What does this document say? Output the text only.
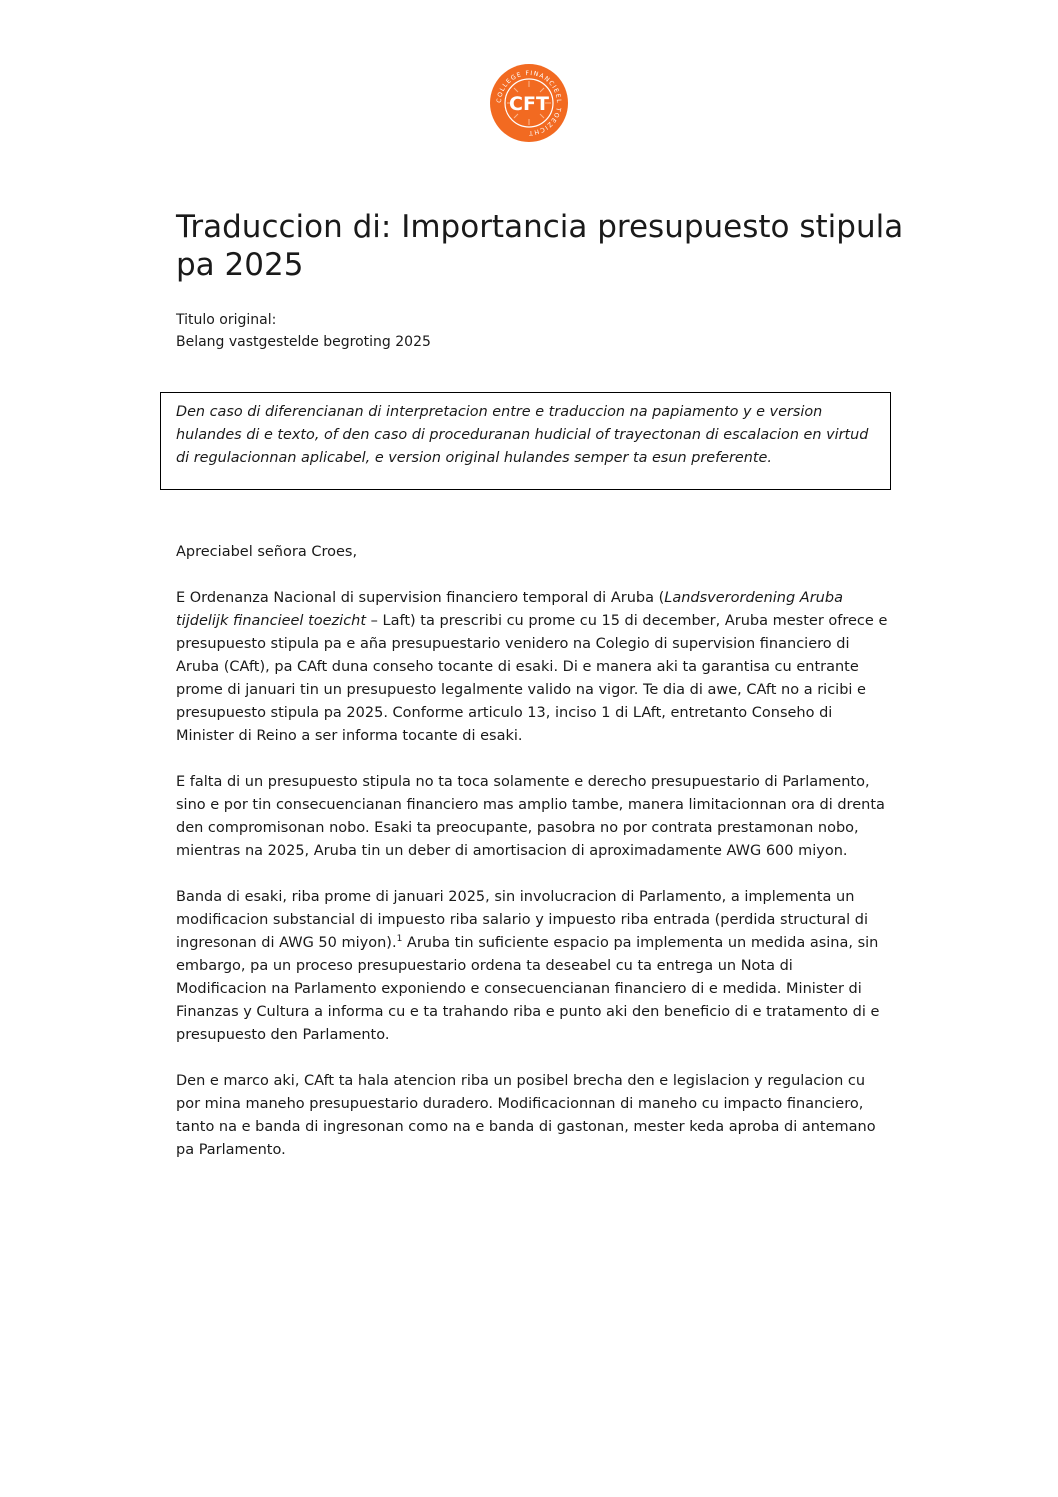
COLLEGE FINANCIEEL TOEZICHT
CFT
Traduccion di: Importancia presupuesto stipula pa 2025
Titulo original:
Belang vastgestelde begroting 2025
Den caso di diferencianan di interpretacion entre e traduccion na papiamento y e version hulandes di e texto, of den caso di proceduranan hudicial of trayectonan di escalacion en virtud di regulacionnan aplicabel, e version original hulandes semper ta esun preferente.

Apreciabel señora Croes,

E Ordenanza Nacional di supervision financiero temporal di Aruba (Landsverordening Aruba tijdelijk financieel toezicht – Laft) ta prescribi cu prome cu 15 di december, Aruba mester ofrece e presupuesto stipula pa e aña presupuestario venidero na Colegio di supervision financiero di Aruba (CAft), pa CAft duna conseho tocante di esaki. Di e manera aki ta garantisa cu entrante prome di januari tin un presupuesto legalmente valido na vigor. Te dia di awe, CAft no a ricibi e presupuesto stipula pa 2025. Conforme articulo 13, inciso 1 di LAft, entretanto Conseho di Minister di Reino a ser informa tocante di esaki.

E falta di un presupuesto stipula no ta toca solamente e derecho presupuestario di Parlamento, sino e por tin consecuencianan financiero mas amplio tambe, manera limitacionnan ora di drenta den compromisonan nobo. Esaki ta preocupante, pasobra no por contrata prestamonan nobo, mientras na 2025, Aruba tin un deber di amortisacion di aproximadamente AWG 600 miyon.

Banda di esaki, riba prome di januari 2025, sin involucracion di Parlamento, a implementa un modificacion substancial di impuesto riba salario y impuesto riba entrada (perdida structural di ingresonan di AWG 50 miyon).$^1$ Aruba tin suficiente espacio pa implementa un medida asina, sin embargo, pa un proceso presupuestario ordena ta deseabel cu ta entrega un Nota di Modificacion na Parlamento exponiendo e consecuencianan financiero di e medida. Minister di Finanzas y Cultura a informa cu e ta trahando riba e punto aki den beneficio di e tratamento di e presupuesto den Parlamento.

Den e marco aki, CAft ta hala atencion riba un posibel brecha den e legislacion y regulacion cu por mina maneho presupuestario duradero. Modificacionnan di maneho cu impacto financiero, tanto na e banda di ingresonan como na e banda di gastonan, mester keda aproba di antemano pa Parlamento.
